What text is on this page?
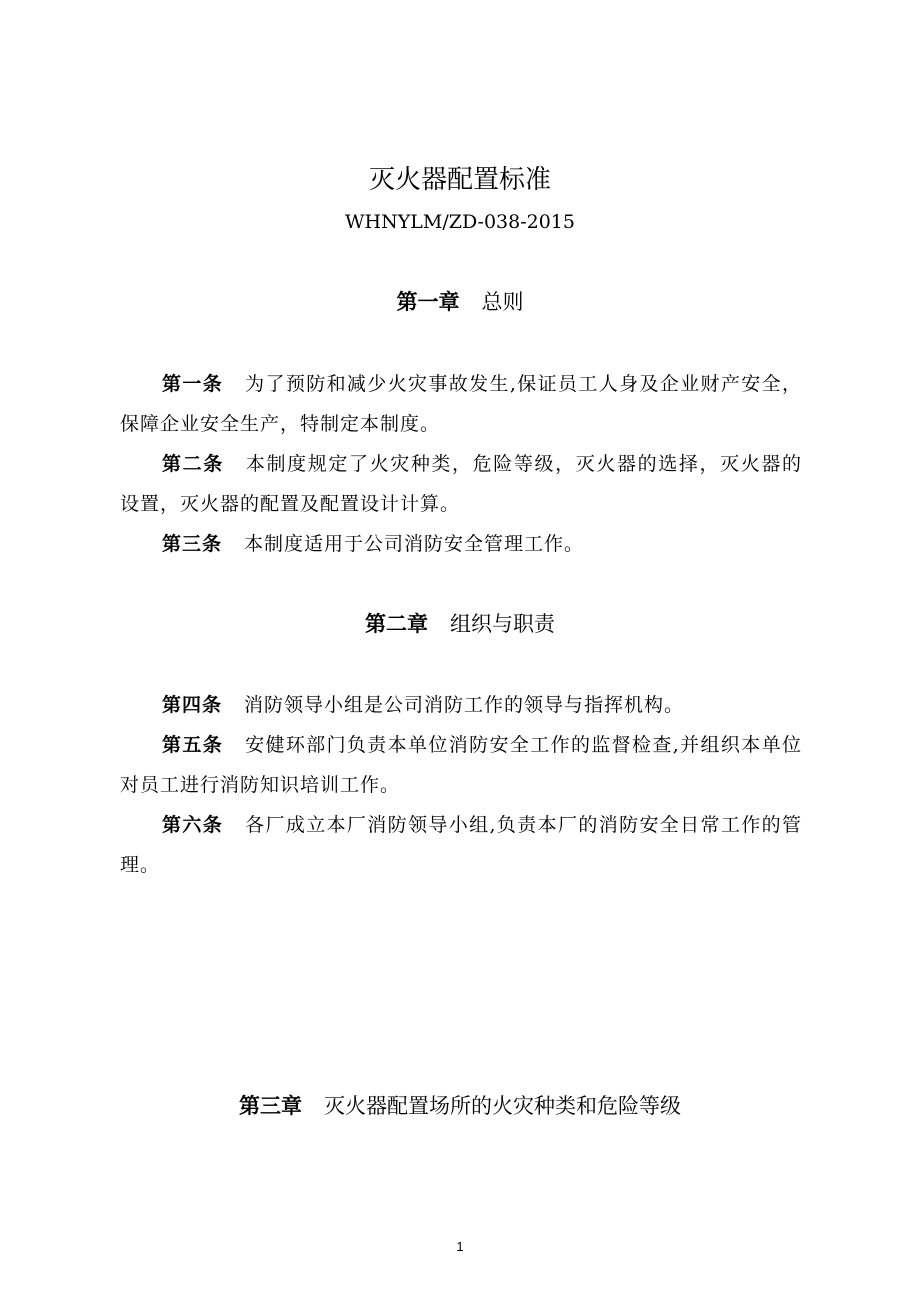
灭火器配置标准
WHNYLM/ZD-038-2015
第一章 总则
第一条 为了预防和减少火灾事故发生,保证员工人身及企业财产安全，保障企业安全生产，特制定本制度。
第二条 本制度规定了火灾种类，危险等级，灭火器的选择，灭火器的设置，灭火器的配置及配置设计计算。
第三条 本制度适用于公司消防安全管理工作。
第二章 组织与职责
第四条 消防领导小组是公司消防工作的领导与指挥机构。
第五条 安健环部门负责本单位消防安全工作的监督检查,并组织本单位对员工进行消防知识培训工作。
第六条 各厂成立本厂消防领导小组,负责本厂的消防安全日常工作的管理。
第三章 灭火器配置场所的火灾种类和危险等级
1
